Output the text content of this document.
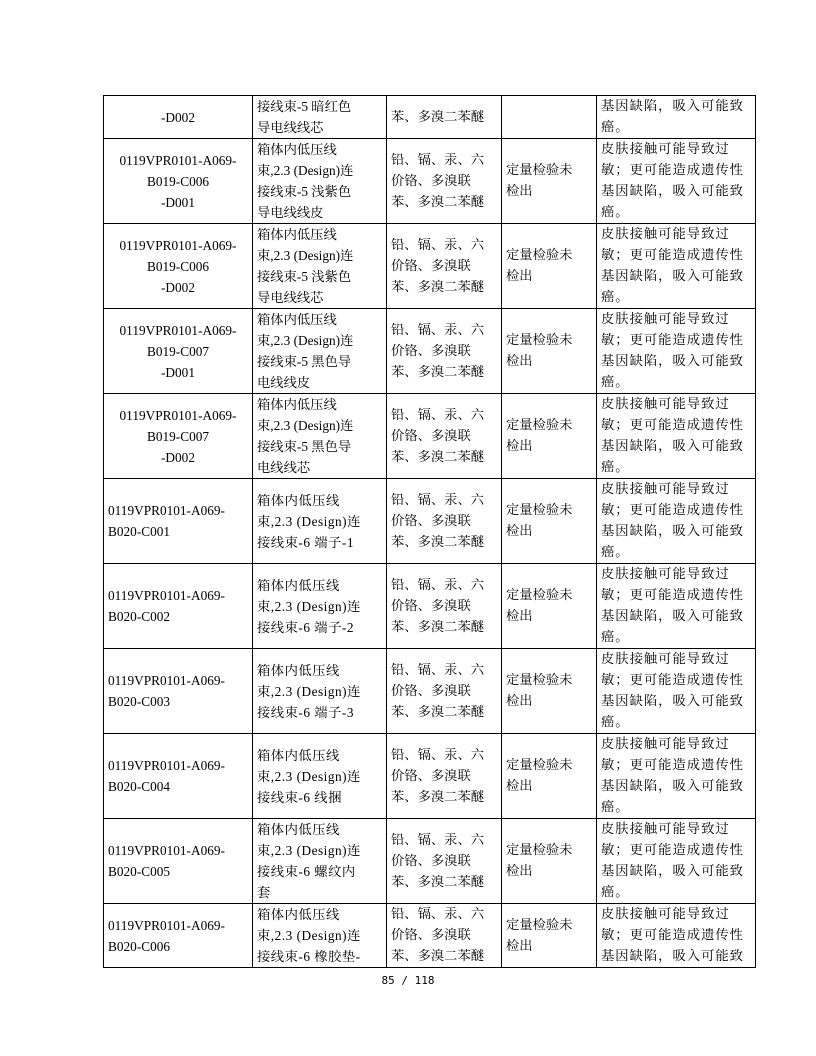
-D002	接线束-5 暗红色
导电线线芯	苯、多溴二苯醚		基因缺陷，吸入可能致
癌。

0119VPR0101-A069-
B019-C006
-D001	箱体内低压线
束,2.3 (Design)连
接线束-5 浅紫色
导电线线皮	铅、镉、汞、六
价铬、多溴联
苯、多溴二苯醚	定量检验未
检出	皮肤接触可能导致过
敏；更可能造成遗传性
基因缺陷，吸入可能致
癌。

0119VPR0101-A069-
B019-C006
-D002	箱体内低压线
束,2.3 (Design)连
接线束-5 浅紫色
导电线线芯	铅、镉、汞、六
价铬、多溴联
苯、多溴二苯醚	定量检验未
检出	皮肤接触可能导致过
敏；更可能造成遗传性
基因缺陷，吸入可能致
癌。

0119VPR0101-A069-
B019-C007
-D001	箱体内低压线
束,2.3 (Design)连
接线束-5 黑色导
电线线皮	铅、镉、汞、六
价铬、多溴联
苯、多溴二苯醚	定量检验未
检出	皮肤接触可能导致过
敏；更可能造成遗传性
基因缺陷，吸入可能致
癌。

0119VPR0101-A069-
B019-C007
-D002	箱体内低压线
束,2.3 (Design)连
接线束-5 黑色导
电线线芯	铅、镉、汞、六
价铬、多溴联
苯、多溴二苯醚	定量检验未
检出	皮肤接触可能导致过
敏；更可能造成遗传性
基因缺陷，吸入可能致
癌。

0119VPR0101-A069-
B020-C001	箱体内低压线
束,2.3 (Design)连
接线束-6 端子-1	铅、镉、汞、六
价铬、多溴联
苯、多溴二苯醚	定量检验未
检出	皮肤接触可能导致过
敏；更可能造成遗传性
基因缺陷，吸入可能致
癌。

0119VPR0101-A069-
B020-C002	箱体内低压线
束,2.3 (Design)连
接线束-6 端子-2	铅、镉、汞、六
价铬、多溴联
苯、多溴二苯醚	定量检验未
检出	皮肤接触可能导致过
敏；更可能造成遗传性
基因缺陷，吸入可能致
癌。

0119VPR0101-A069-
B020-C003	箱体内低压线
束,2.3 (Design)连
接线束-6 端子-3	铅、镉、汞、六
价铬、多溴联
苯、多溴二苯醚	定量检验未
检出	皮肤接触可能导致过
敏；更可能造成遗传性
基因缺陷，吸入可能致
癌。

0119VPR0101-A069-
B020-C004	箱体内低压线
束,2.3 (Design)连
接线束-6 线捆	铅、镉、汞、六
价铬、多溴联
苯、多溴二苯醚	定量检验未
检出	皮肤接触可能导致过
敏；更可能造成遗传性
基因缺陷，吸入可能致
癌。

0119VPR0101-A069-
B020-C005	箱体内低压线
束,2.3 (Design)连
接线束-6 螺纹内
套	铅、镉、汞、六
价铬、多溴联
苯、多溴二苯醚	定量检验未
检出	皮肤接触可能导致过
敏；更可能造成遗传性
基因缺陷，吸入可能致
癌。

0119VPR0101-A069-
B020-C006	箱体内低压线
束,2.3 (Design)连
接线束-6 橡胶垫-	铅、镉、汞、六
价铬、多溴联
苯、多溴二苯醚	定量检验未
检出	皮肤接触可能导致过
敏；更可能造成遗传性
基因缺陷，吸入可能致
85 / 118
